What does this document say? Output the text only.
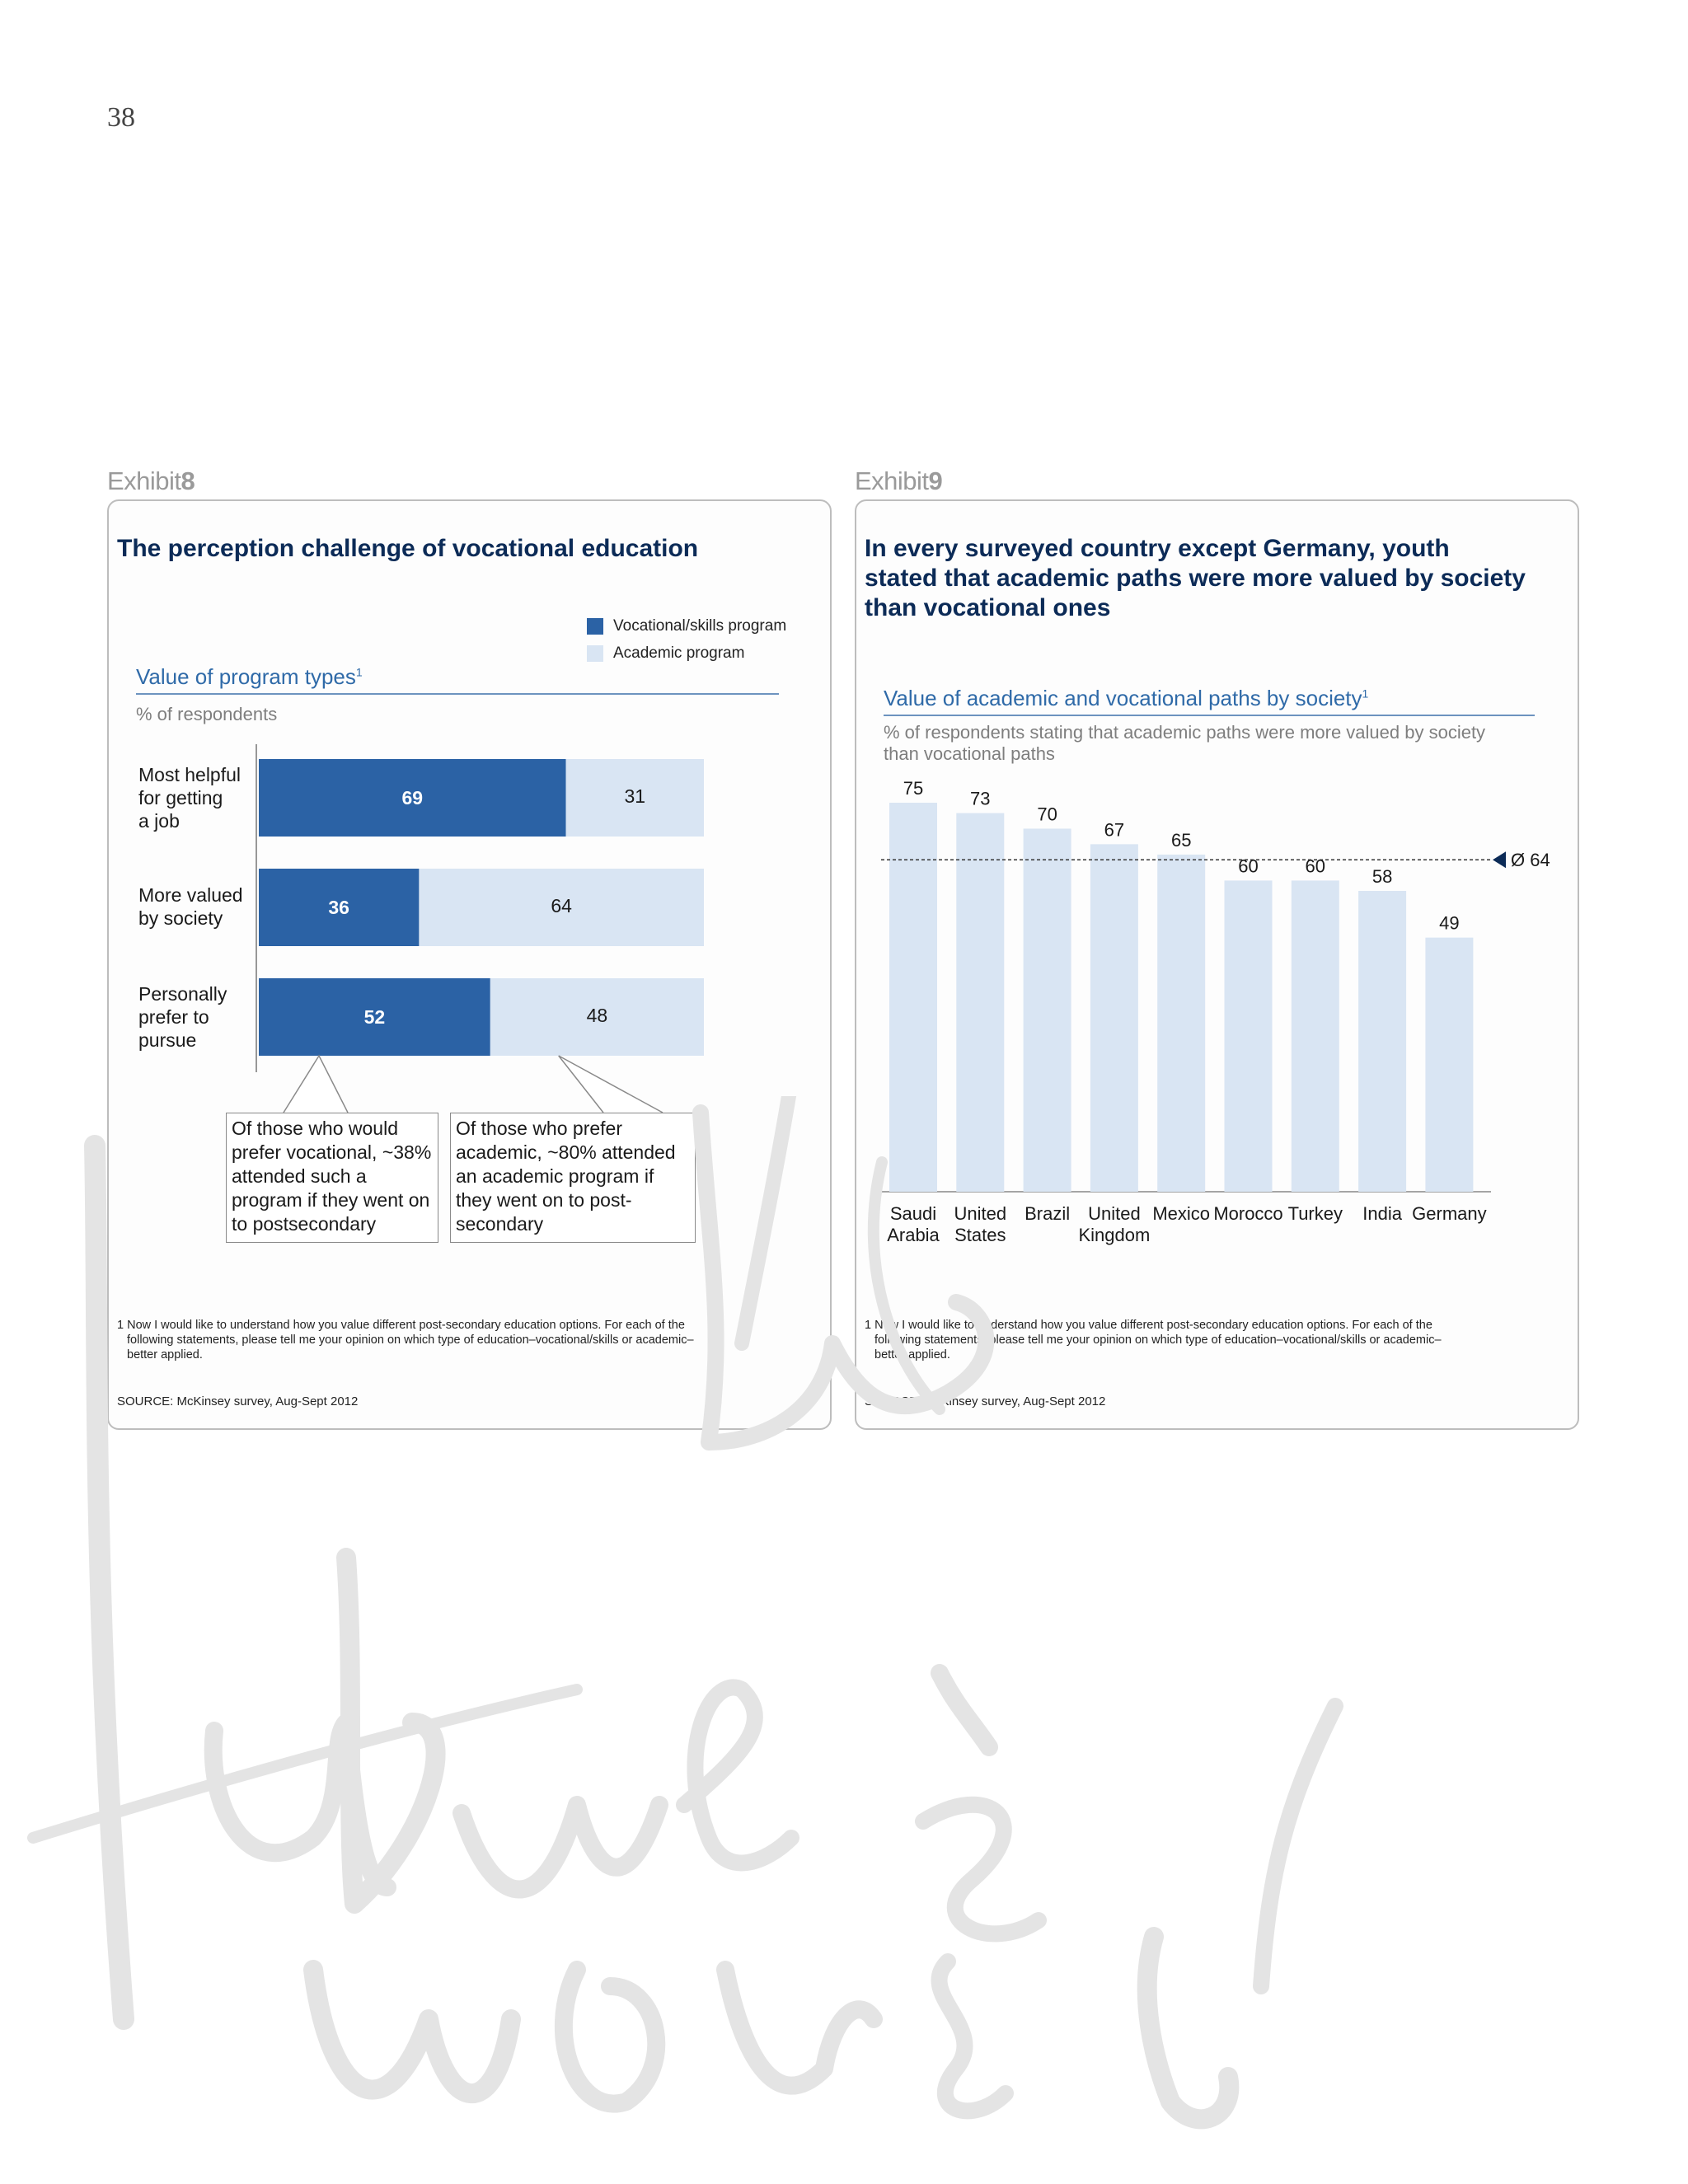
38
Exhibit8
The perception challenge of vocational education
Vocational/skills program
Academic program
Value of program types$^1$
% of respondents
Most helpful
for getting
a job
More valued
by society
Personally
prefer to
pursue
69	31
36	64
52	48
Of those who would prefer vocational, ~38% attended such a program if they went on to postsecondary
Of those who prefer academic, ~80% attended an academic program if they went on to post-secondary
1 Now I would like to understand how you value different post-secondary education options. For each of the

following statements, please tell me your opinion on which type of education–vocational/skills or academic–
better applied.
SOURCE: McKinsey survey, Aug-Sept 2012
Exhibit9
In every surveyed country except Germany, youth
stated that academic paths were more valued by society
than vocational ones
Value of academic and vocational paths by society$^1$
% of respondents stating that academic paths were more valued by society
than vocational paths
75
Saudi
Arabia
73
United
States
70
Brazil
67
United
Kingdom
65
Mexico
60
Morocco
60
Turkey
58
India
49
Germany
Ø 64
1 Now I would like to understand how you value different post-secondary education options. For each of the

following statements, please tell me your opinion on which type of education–vocational/skills or academic–
better applied.
SOURCE: McKinsey survey, Aug-Sept 2012
